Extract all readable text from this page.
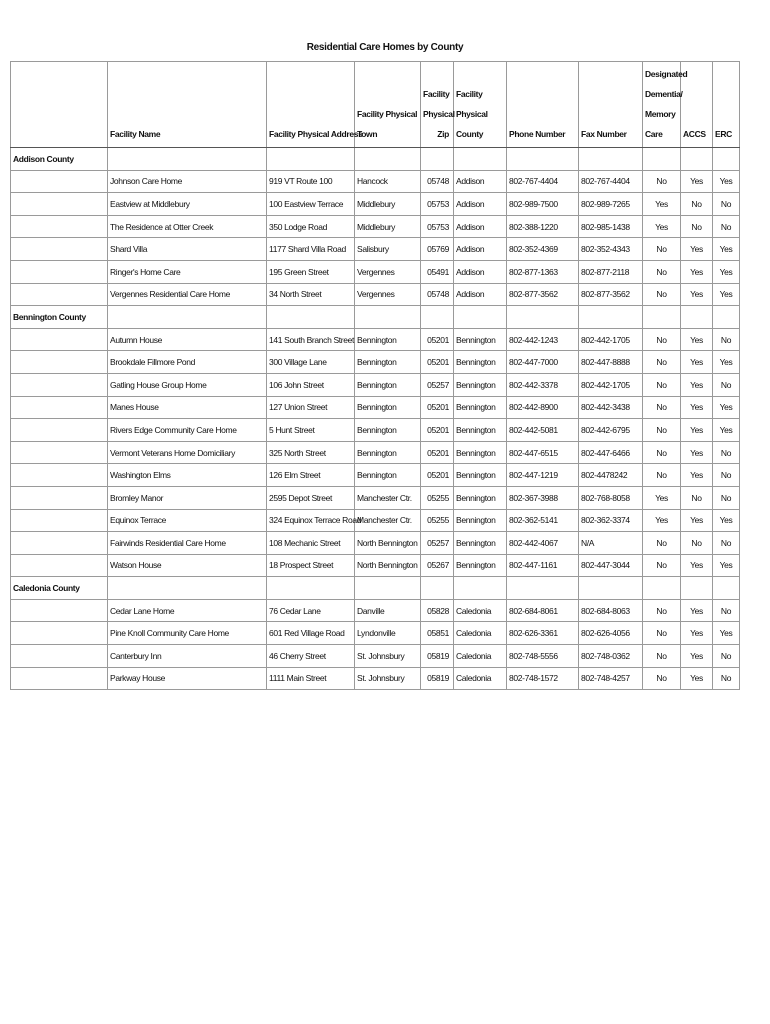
Residential Care Homes by County
	Facility Name	Facility Physical Address	Facility Physical Town	Facility Physical Zip	Facility Physical County	Phone Number	Fax Number	Designated Dementia/ Memory Care	ACCS	ERC
Addison County										
	Johnson Care Home	919 VT Route 100	Hancock	05748	Addison	802-767-4404	802-767-4404	No	Yes	Yes
	Eastview at Middlebury	100 Eastview Terrace	Middlebury	05753	Addison	802-989-7500	802-989-7265	Yes	No	No
	The Residence at Otter Creek	350 Lodge Road	Middlebury	05753	Addison	802-388-1220	802-985-1438	Yes	No	No
	Shard Villa	1177 Shard Villa Road	Salisbury	05769	Addison	802-352-4369	802-352-4343	No	Yes	Yes
	Ringer's Home Care	195 Green Street	Vergennes	05491	Addison	802-877-1363	802-877-2118	No	Yes	Yes
	Vergennes Residential Care Home	34 North Street	Vergennes	05748	Addison	802-877-3562	802-877-3562	No	Yes	Yes
Bennington County										
	Autumn House	141 South Branch Street	Bennington	05201	Bennington	802-442-1243	802-442-1705	No	Yes	No
	Brookdale Fillmore Pond	300 Village Lane	Bennington	05201	Bennington	802-447-7000	802-447-8888	No	Yes	Yes
	Gatling House Group Home	106 John Street	Bennington	05257	Bennington	802-442-3378	802-442-1705	No	Yes	No
	Manes House	127 Union Street	Bennington	05201	Bennington	802-442-8900	802-442-3438	No	Yes	Yes
	Rivers Edge Community Care Home	5 Hunt Street	Bennington	05201	Bennington	802-442-5081	802-442-6795	No	Yes	Yes
	Vermont Veterans Home Domiciliary	325 North Street	Bennington	05201	Bennington	802-447-6515	802-447-6466	No	Yes	No
	Washington Elms	126 Elm Street	Bennington	05201	Bennington	802-447-1219	802-4478242	No	Yes	No
	Bromley Manor	2595 Depot Street	Manchester Ctr.	05255	Bennington	802-367-3988	802-768-8058	Yes	No	No
	Equinox Terrace	324 Equinox Terrace Road	Manchester Ctr.	05255	Bennington	802-362-5141	802-362-3374	Yes	Yes	Yes
	Fairwinds Residential Care Home	108 Mechanic Street	North Bennington	05257	Bennington	802-442-4067	N/A	No	No	No
	Watson House	18 Prospect Street	North Bennington	05267	Bennington	802-447-1161	802-447-3044	No	Yes	Yes
Caledonia County										
	Cedar Lane Home	76 Cedar Lane	Danville	05828	Caledonia	802-684-8061	802-684-8063	No	Yes	No
	Pine Knoll Community Care Home	601 Red Village Road	Lyndonville	05851	Caledonia	802-626-3361	802-626-4056	No	Yes	Yes
	Canterbury Inn	46 Cherry Street	St. Johnsbury	05819	Caledonia	802-748-5556	802-748-0362	No	Yes	No
	Parkway House	1111 Main Street	St. Johnsbury	05819	Caledonia	802-748-1572	802-748-4257	No	Yes	No
